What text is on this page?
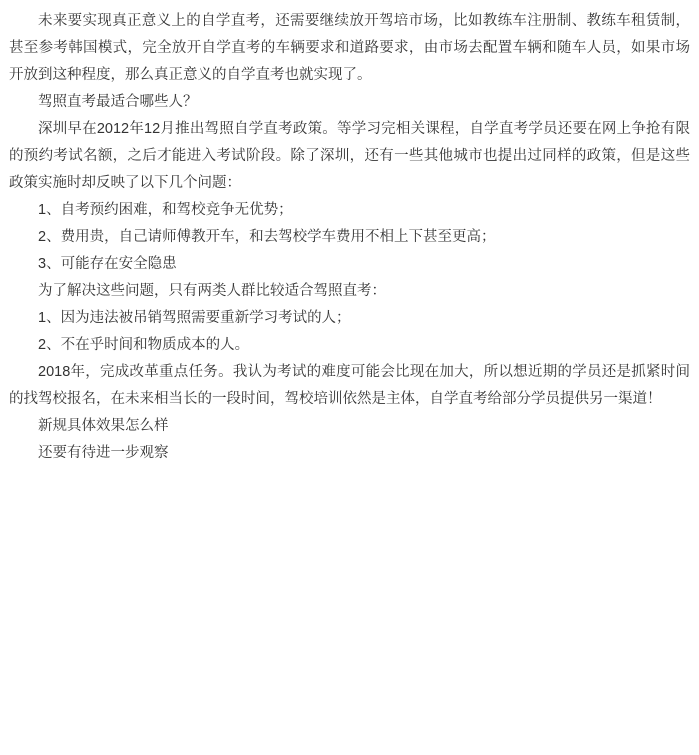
未来要实现真正意义上的自学直考，还需要继续放开驾培市场，比如教练车注册制、教练车租赁制，甚至参考韩国模式，完全放开自学直考的车辆要求和道路要求，由市场去配置车辆和随车人员，如果市场开放到这种程度，那么真正意义的自学直考也就实现了。

驾照直考最适合哪些人？

深圳早在2012年12月推出驾照自学直考政策。等学习完相关课程，自学直考学员还要在网上争抢有限的预约考试名额，之后才能进入考试阶段。除了深圳，还有一些其他城市也提出过同样的政策，但是这些政策实施时却反映了以下几个问题：

1、自考预约困难，和驾校竞争无优势；

2、费用贵，自己请师傅教开车，和去驾校学车费用不相上下甚至更高；

3、可能存在安全隐患

为了解决这些问题，只有两类人群比较适合驾照直考：

1、因为违法被吊销驾照需要重新学习考试的人；

2、不在乎时间和物质成本的人。

2018年，完成改革重点任务。我认为考试的难度可能会比现在加大，所以想近期的学员还是抓紧时间的找驾校报名，在未来相当长的一段时间，驾校培训依然是主体，自学直考给部分学员提供另一渠道！

新规具体效果怎么样

还要有待进一步观察
